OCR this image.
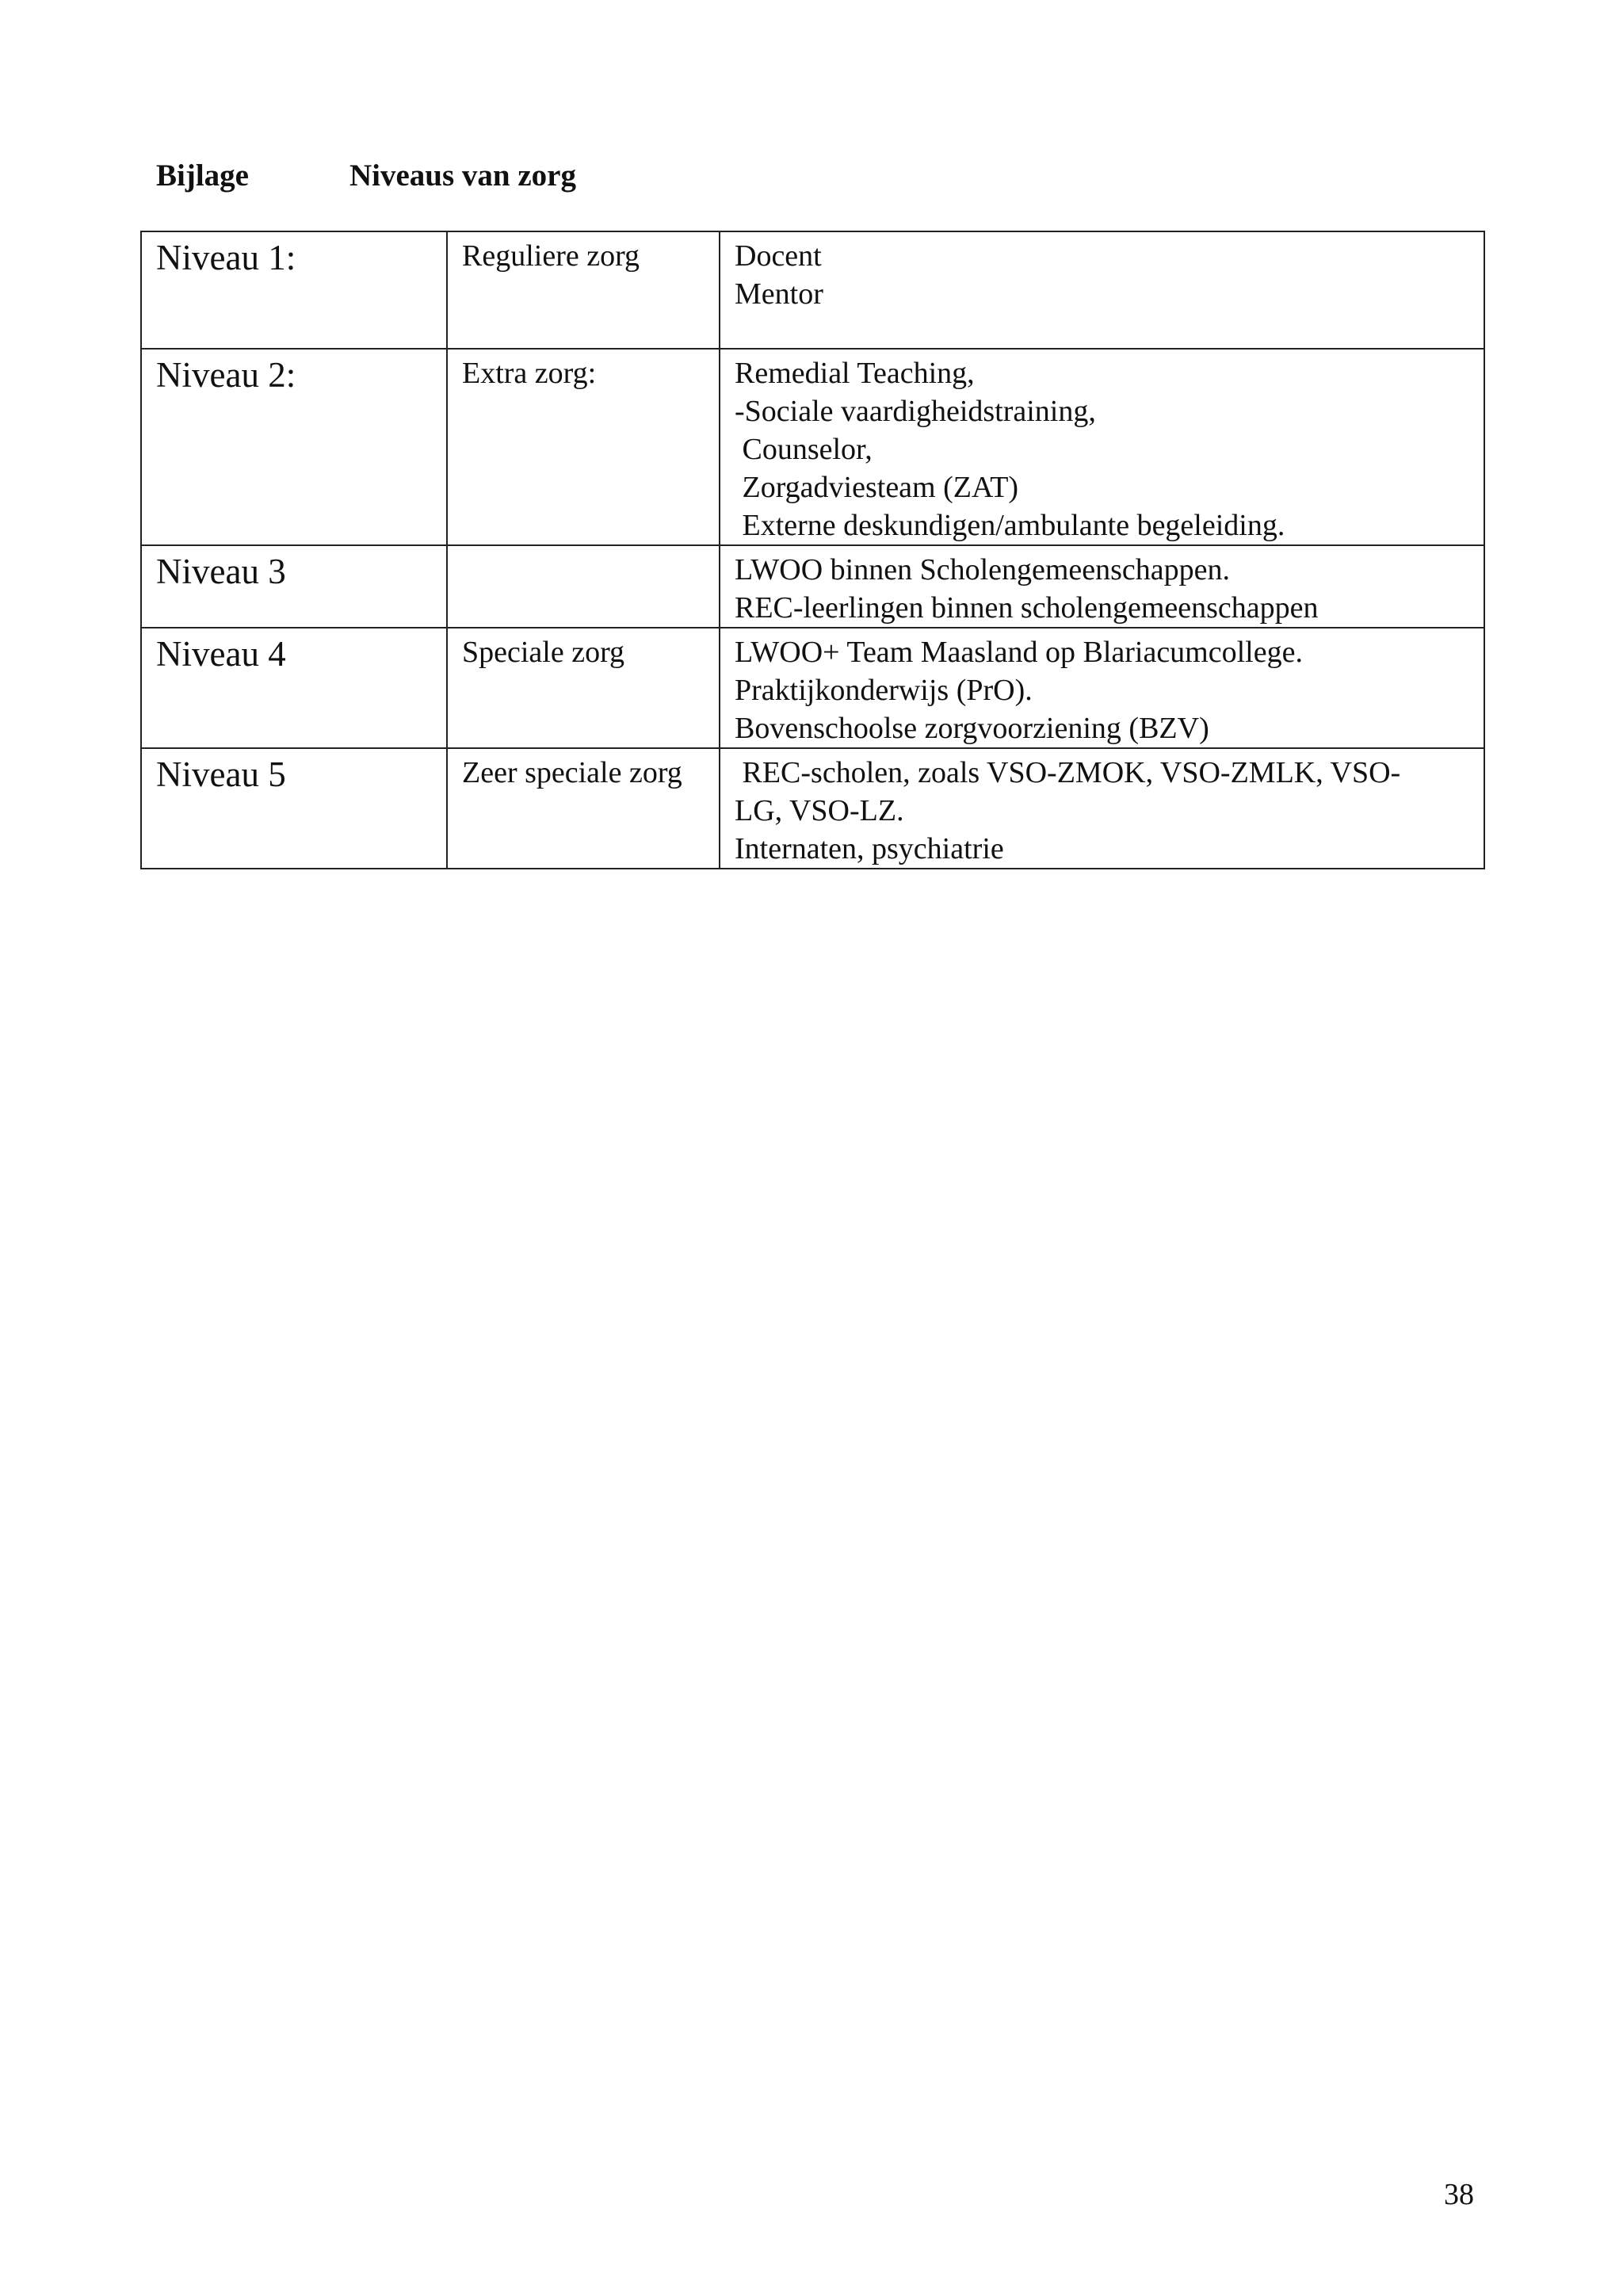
Bijlage	Niveaus van zorg
Niveau 1:	Reguliere zorg	Docent
Mentor

Niveau 2:	Extra zorg:	Remedial Teaching,
-Sociale vaardigheidstraining,
Counselor,
Zorgadviesteam (ZAT)
Externe deskundigen/ambulante begeleiding.

Niveau 3		LWOO binnen Scholengemeenschappen.
REC-leerlingen binnen scholengemeenschappen

Niveau 4	Speciale zorg	LWOO+ Team Maasland op Blariacumcollege.
Praktijkonderwijs (PrO).
Bovenschoolse zorgvoorziening (BZV)

Niveau 5	Zeer speciale zorg	REC-scholen, zoals VSO-ZMOK, VSO-ZMLK, VSO-
LG, VSO-LZ.
Internaten, psychiatrie
38
